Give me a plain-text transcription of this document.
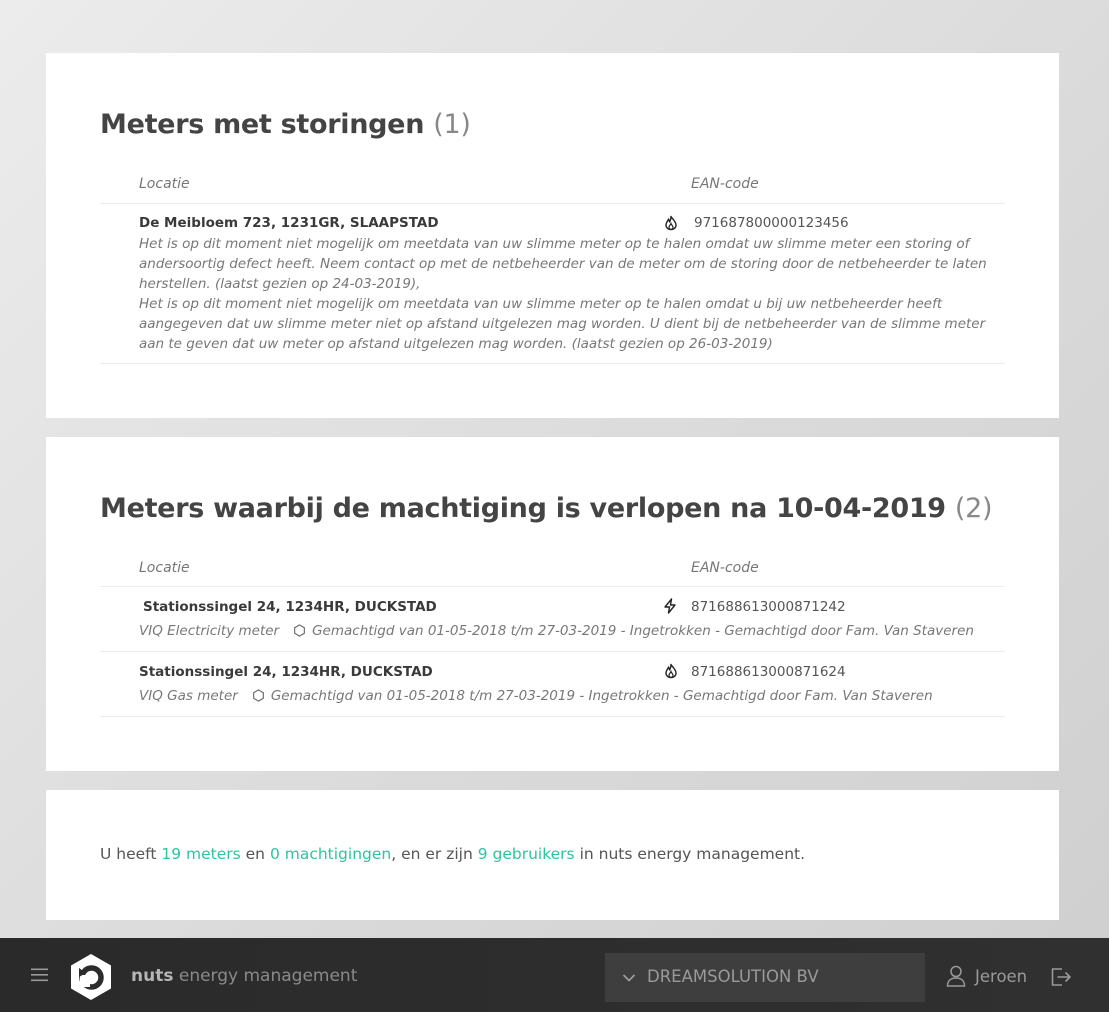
Meters met storingen (1)
Locatie	EAN-code
De Meibloem 723, 1231GR, SLAAPSTAD	971687800000123456

Het is op dit moment niet mogelijk om meetdata van uw slimme meter op te halen omdat uw slimme meter een storing of andersoortig defect heeft. Neem contact op met de netbeheerder van de meter om de storing door de netbeheerder te laten herstellen. (laatst gezien op 24-03-2019),

Het is op dit moment niet mogelijk om meetdata van uw slimme meter op te halen omdat u bij uw netbeheerder heeft aangegeven dat uw slimme meter niet op afstand uitgelezen mag worden. U dient bij de netbeheerder van de slimme meter aan te geven dat uw meter op afstand uitgelezen mag worden. (laatst gezien op 26-03-2019)

Meters waarbij de machtiging is verlopen na 10-04-2019 (2)
Locatie	EAN-code
Stationssingel 24, 1234HR, DUCKSTAD	871688613000871242
VIQ Electricity meter Gemachtigd van 01-05-2018 t/m 27-03-2019 - Ingetrokken - Gemachtigd door Fam. Van Staveren
Stationssingel 24, 1234HR, DUCKSTAD	871688613000871624
VIQ Gas meter Gemachtigd van 01-05-2018 t/m 27-03-2019 - Ingetrokken - Gemachtigd door Fam. Van Staveren

U heeft 19 meters en 0 machtigingen, en er zijn 9 gebruikers in nuts energy management.

nuts energy management	DREAMSOLUTION BV	Jeroen
